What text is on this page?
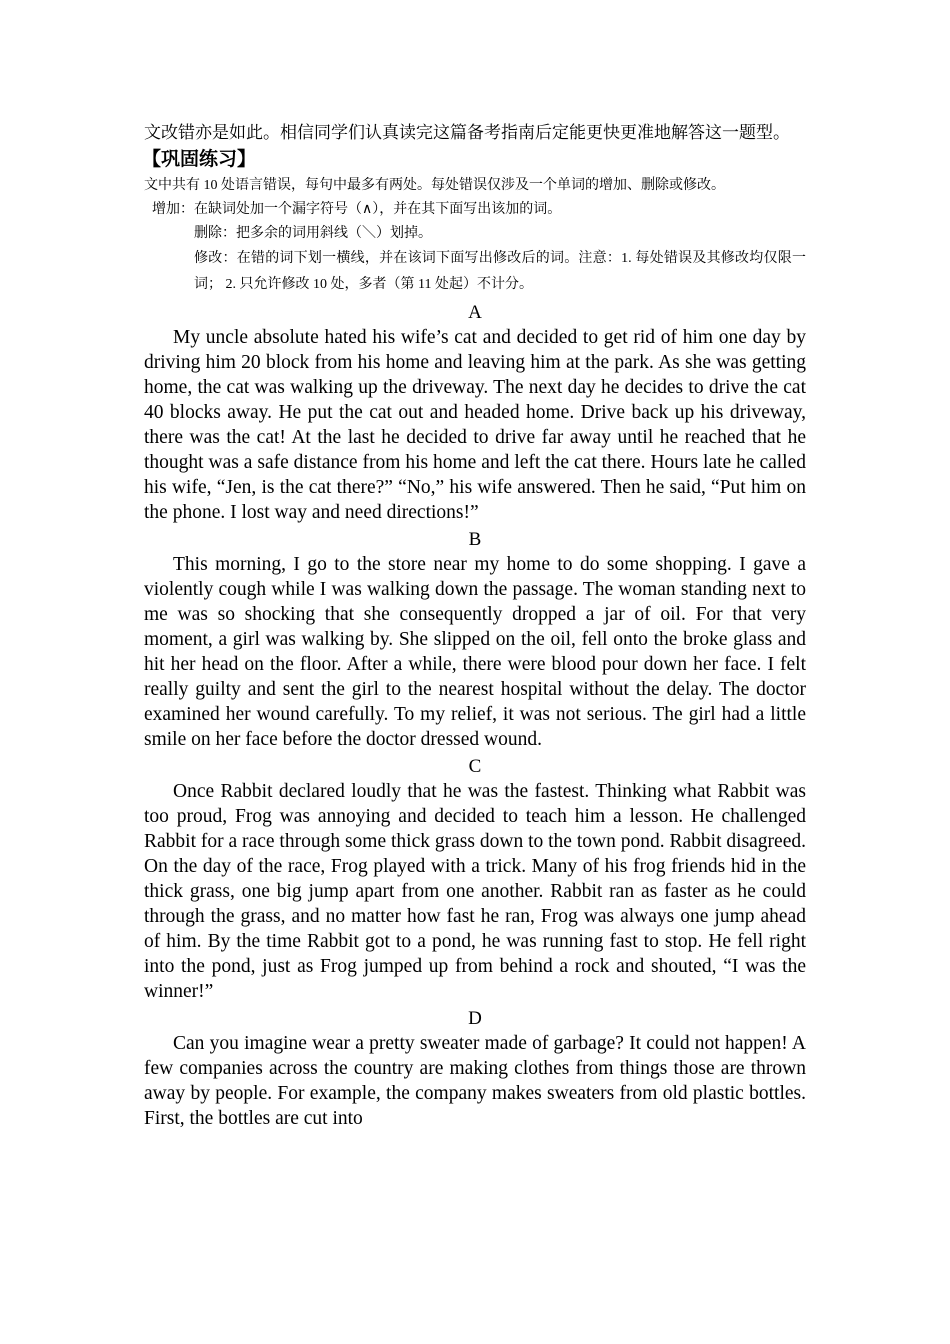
文改错亦是如此。相信同学们认真读完这篇备考指南后定能更快更准地解答这一题型。

【巩固练习】

文中共有 10 处语言错误，每句中最多有两处。每处错误仅涉及一个单词的增加、删除或修改。

增加：在缺词处加一个漏字符号（∧），并在其下面写出该加的词。

删除：把多余的词用斜线（＼）划掉。

修改：在错的词下划一横线，并在该词下面写出修改后的词。注意：1. 每处错误及其修改均仅限一词； 2. 只允许修改 10 处，多者（第 11 处起）不计分。

A

My uncle absolute hated his wife’s cat and decided to get rid of him one day by driving him 20 block from his home and leaving him at the park. As she was getting home, the cat was walking up the driveway. The next day he decides to drive the cat 40 blocks away. He put the cat out and headed home. Drive back up his driveway, there was the cat! At the last he decided to drive far away until he reached that he thought was a safe distance from his home and left the cat there. Hours late he called his wife, “Jen, is the cat there?” “No,” his wife answered. Then he said, “Put him on the phone. I lost way and need directions!”

B

This morning, I go to the store near my home to do some shopping. I gave a violently cough while I was walking down the passage. The woman standing next to me was so shocking that she consequently dropped a jar of oil. For that very moment, a girl was walking by. She slipped on the oil, fell onto the broke glass and hit her head on the floor. After a while, there were blood pour down her face. I felt really guilty and sent the girl to the nearest hospital without the delay. The doctor examined her wound carefully. To my relief, it was not serious. The girl had a little smile on her face before the doctor dressed wound.

C

Once Rabbit declared loudly that he was the fastest. Thinking what Rabbit was too proud, Frog was annoying and decided to teach him a lesson. He challenged Rabbit for a race through some thick grass down to the town pond. Rabbit disagreed. On the day of the race, Frog played with a trick. Many of his frog friends hid in the thick grass, one big jump apart from one another. Rabbit ran as faster as he could through the grass, and no matter how fast he ran, Frog was always one jump ahead of him. By the time Rabbit got to a pond, he was running fast to stop. He fell right into the pond, just as Frog jumped up from behind a rock and shouted, “I was the winner!”

D

Can you imagine wear a pretty sweater made of garbage? It could not happen! A few companies across the country are making clothes from things those are thrown away by people. For example, the company makes sweaters from old plastic bottles. First, the bottles are cut into
